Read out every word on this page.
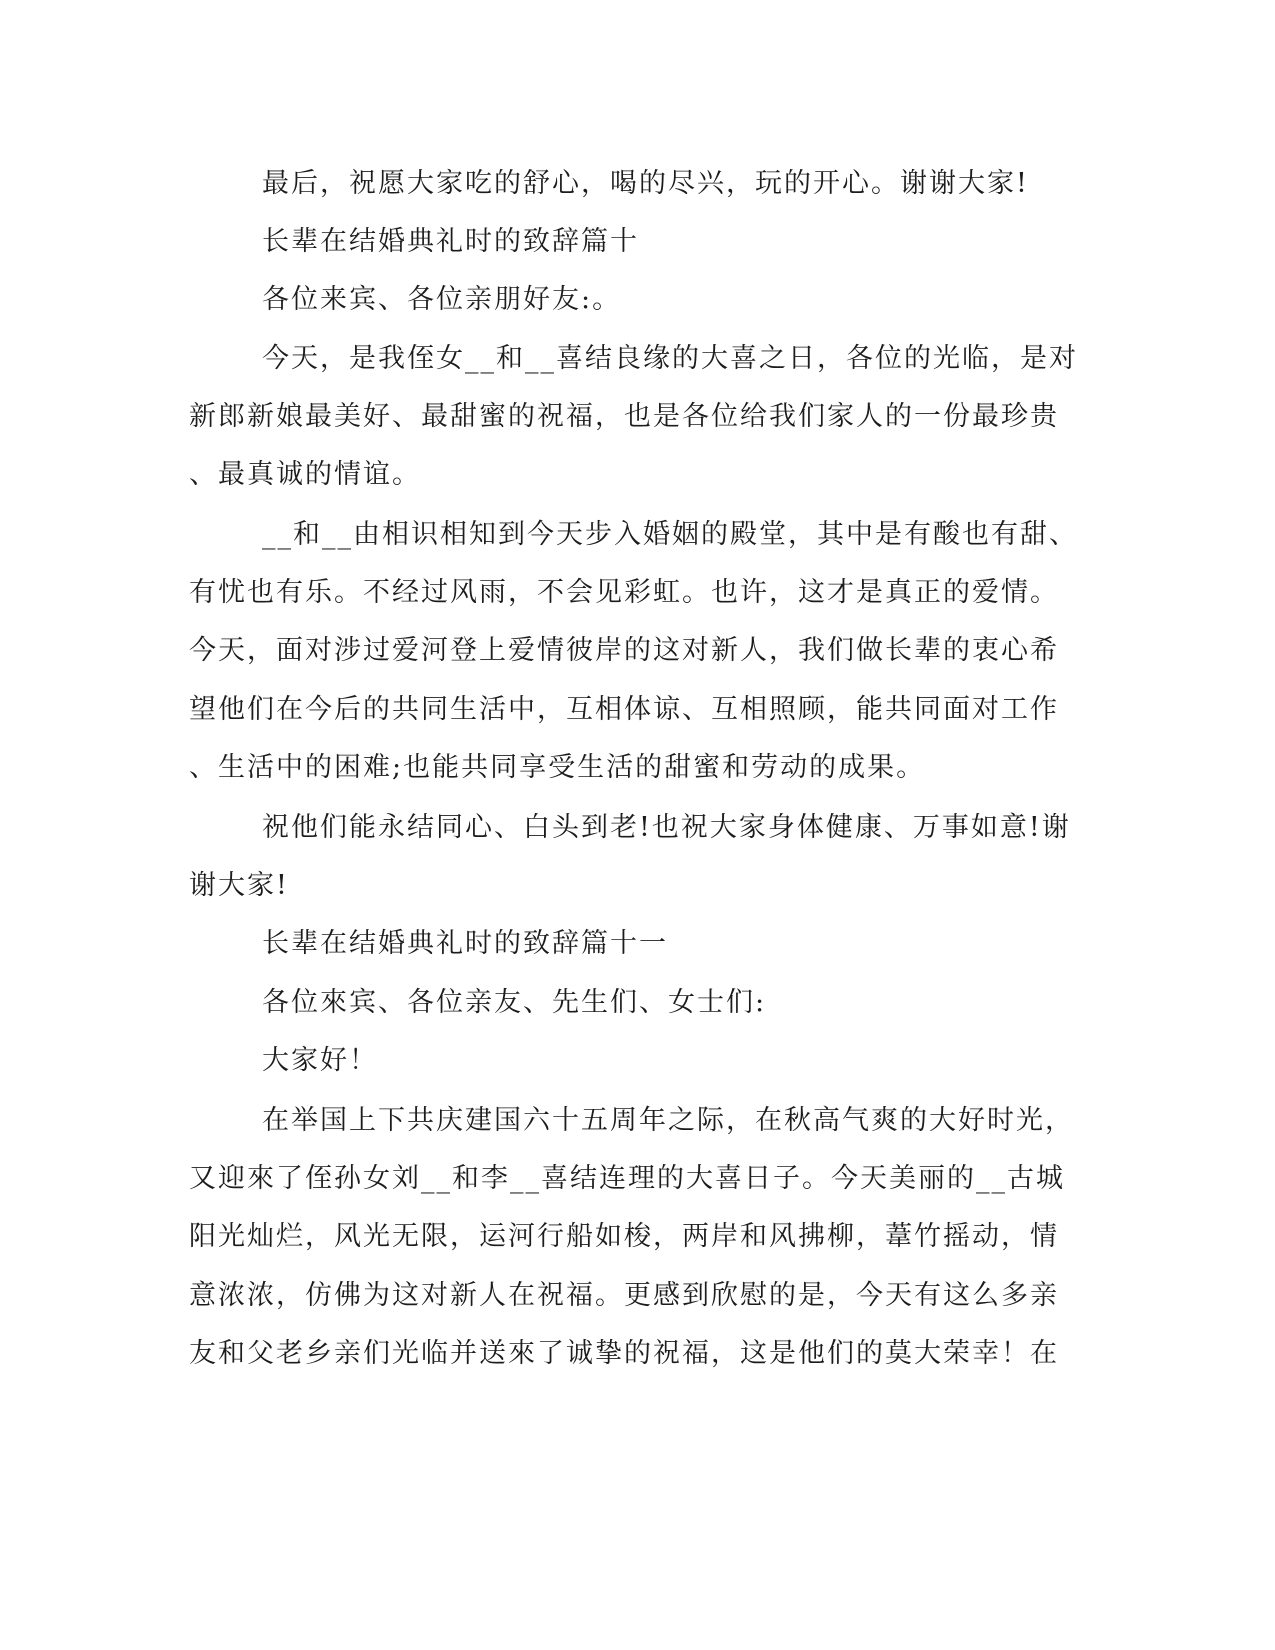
最后，祝愿大家吃的舒心，喝的尽兴，玩的开心。谢谢大家!
长辈在结婚典礼时的致辞篇十
各位来宾、各位亲朋好友:。
今天，是我侄女__和__喜结良缘的大喜之日，各位的光临，是对
新郎新娘最美好、最甜蜜的祝福，也是各位给我们家人的一份最珍贵
、最真诚的情谊。
__和__由相识相知到今天步入婚姻的殿堂，其中是有酸也有甜、
有忧也有乐。不经过风雨，不会见彩虹。也许，这才是真正的爱情。
今天，面对涉过爱河登上爱情彼岸的这对新人，我们做长辈的衷心希
望他们在今后的共同生活中，互相体谅、互相照顾，能共同面对工作
、生活中的困难;也能共同享受生活的甜蜜和劳动的成果。
祝他们能永结同心、白头到老!也祝大家身体健康、万事如意!谢
谢大家!
长辈在结婚典礼时的致辞篇十一
各位來宾、各位亲友、先生们、女士们:
大家好！
在举国上下共庆建国六十五周年之际，在秋高气爽的大好时光，
又迎來了侄孙女刘__和李__喜结连理的大喜日子。今天美丽的__古城
阳光灿烂，风光无限，运河行船如梭，两岸和风拂柳，葦竹摇动，情
意浓浓，仿佛为这对新人在祝福。更感到欣慰的是，今天有这么多亲
友和父老乡亲们光临并送來了诚挚的祝福，这是他们的莫大荣幸！在
